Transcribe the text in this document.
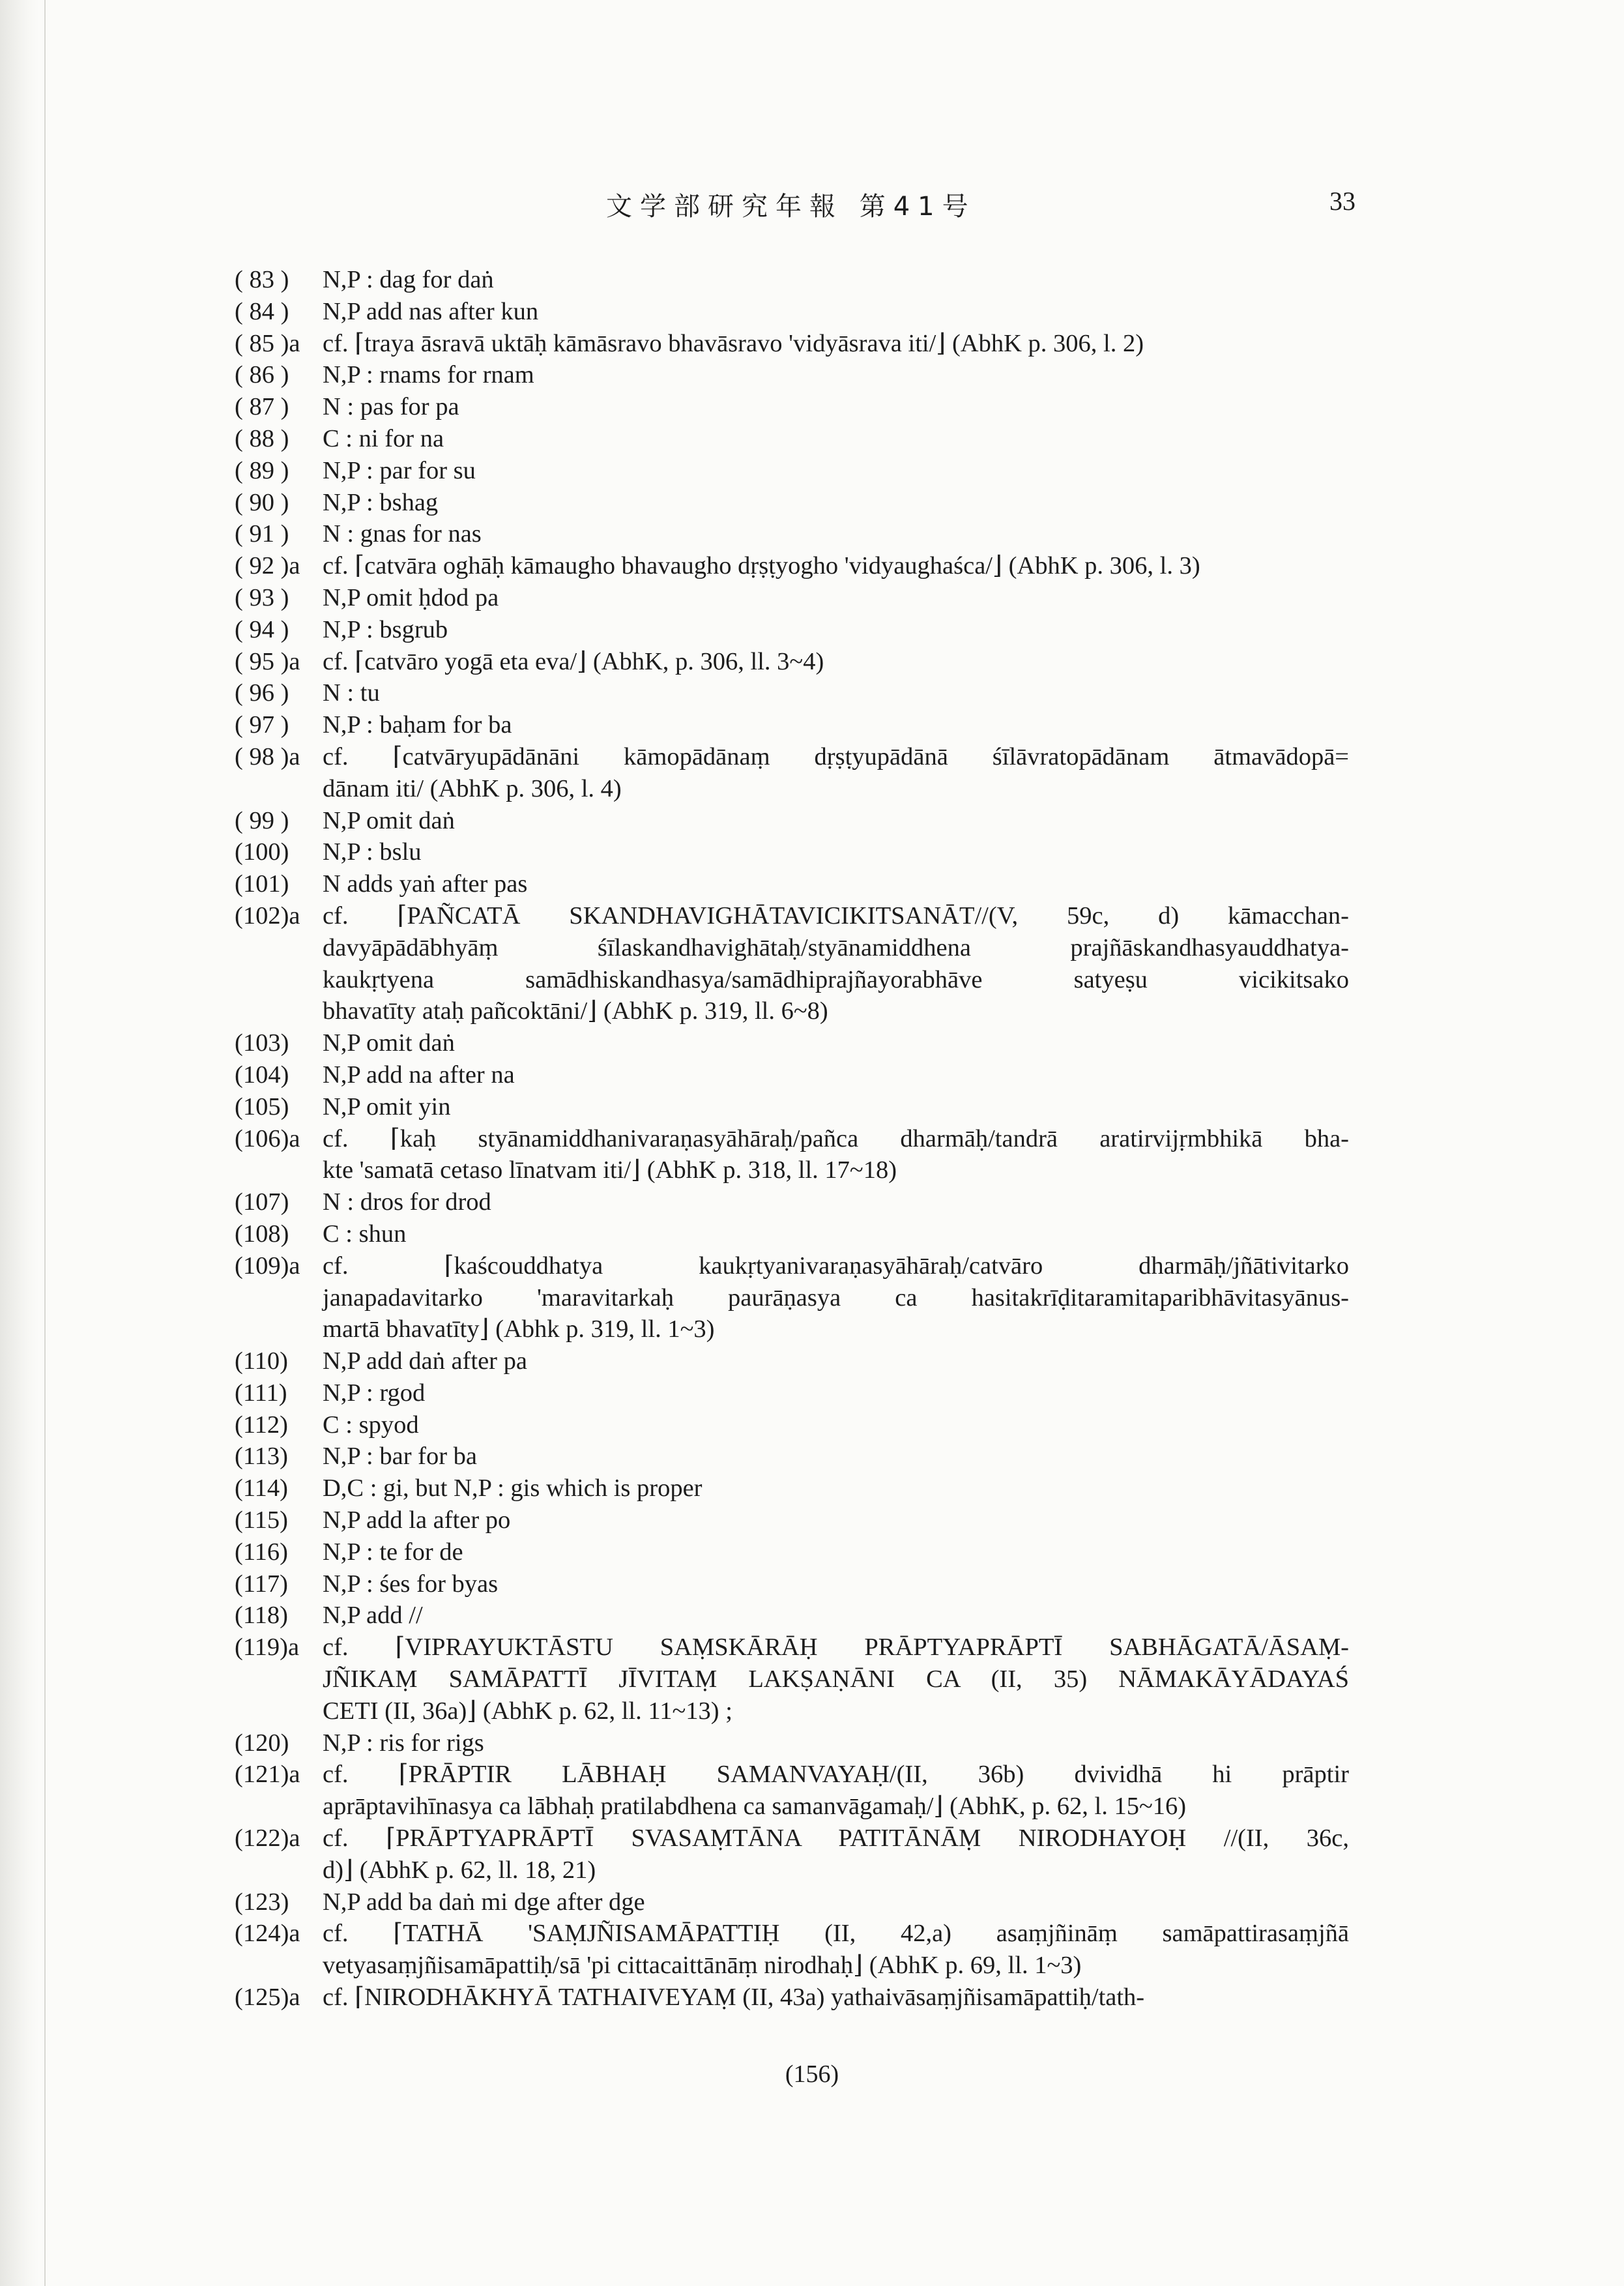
文学部研究年報 第41号	33
( 83 )	N,P : dag for daṅ
( 84 )	N,P add nas after kun
( 85 )a cf. ⌈traya āsravā uktāḥ kāmāsravo bhavāsravo 'vidyāsrava iti/⌋ (AbhK p. 306, l. 2)
( 86 )	N,P : rnams for rnam
( 87 )	N : pas for pa
( 88 )	C : ni for na
( 89 )	N,P : par for su
( 90 )	N,P : bshag
( 91 )	N : gnas for nas
( 92 )a cf. ⌈catvāra oghāḥ kāmaugho bhavaugho dṛṣṭyogho 'vidyaughaśca/⌋ (AbhK p. 306, l. 3)
( 93 )	N,P omit ḥdod pa
( 94 )	N,P : bsgrub
( 95 )a cf. ⌈catvāro yogā eta eva/⌋ (AbhK, p. 306, ll. 3~4)
( 96 )	N : tu
( 97 )	N,P : baḥam for ba
( 98 )a cf. ⌈catvāryupādānāni kāmopādānaṃ dṛṣṭyupādānā śīlāvratopādānam ātmavādopā=
dānam iti/ (AbhK p. 306, l. 4)
( 99 )	N,P omit daṅ
(100)	N,P : bslu
(101)	N adds yaṅ after pas
(102)a cf. ⌈PAÑCATĀ SKANDHAVIGHĀTAVICIKITSANĀT//(V, 59c, d) kāmacchan-
davyāpādābhyāṃ śīlaskandhavighātaḥ/styānamiddhena prajñāskandhasyauddhatya-
kaukṛtyena samādhiskandhasya/samādhiprajñayorabhāve satyeṣu vicikitsako
bhavatīty ataḥ pañcoktāni/⌋ (AbhK p. 319, ll. 6~8)
(103)	N,P omit daṅ
(104)	N,P add na after na
(105)	N,P omit yin
(106)a cf. ⌈kaḥ styānamiddhanivaraṇasyāhāraḥ/pañca dharmāḥ/tandrā aratirvijṛmbhikā bha-
kte 'samatā cetaso līnatvam iti/⌋ (AbhK p. 318, ll. 17~18)
(107)	N : dros for drod
(108)	C : shun
(109)a cf. ⌈kaścouddhatya kaukṛtyanivaraṇasyāhāraḥ/catvāro dharmāḥ/jñātivitarko
janapadavitarko 'maravitarkaḥ paurāṇasya ca hasitakrīḍitaramitaparibhāvitasyānus-
martā bhavatīty⌋ (Abhk p. 319, ll. 1~3)
(110)	N,P add daṅ after pa
(111)	N,P : rgod
(112)	C : spyod
(113)	N,P : bar for ba
(114)	D,C : gi, but N,P : gis which is proper
(115)	N,P add la after po
(116)	N,P : te for de
(117)	N,P : śes for byas
(118)	N,P add //
(119)a cf. ⌈VIPRAYUKTĀSTU SAṂSKĀRĀḤ PRĀPTYAPRĀPTĪ SABHĀGATĀ/ĀSAṂ-
JÑIKAṂ SAMĀPATTĪ JĪVITAṂ LAKṢAṆĀNI CA (II, 35) NĀMAKĀYĀDAYAŚ
CETI (II, 36a)⌋ (AbhK p. 62, ll. 11~13) ;
(120)	N,P : ris for rigs
(121)a cf. ⌈PRĀPTIR LĀBHAḤ SAMANVAYAḤ/(II, 36b) dvividhā hi prāptir
aprāptavihīnasya ca lābhaḥ pratilabdhena ca samanvāgamaḥ/⌋ (AbhK, p. 62, l. 15~16)
(122)a cf. ⌈PRĀPTYAPRĀPTĪ SVASAṂTĀNA PATITĀNĀṂ NIRODHAYOḤ //(II, 36c,
d)⌋ (AbhK p. 62, ll. 18, 21)
(123)	N,P add ba daṅ mi dge after dge
(124)a cf. ⌈TATHĀ 'SAṂJÑISAMĀPATTIḤ (II, 42,a) asaṃjñināṃ samāpattirasaṃjñā
vetyasaṃjñisamāpattiḥ/sā 'pi cittacaittānāṃ nirodhaḥ⌋ (AbhK p. 69, ll. 1~3)
(125)a cf. ⌈NIRODHĀKHYĀ TATHAIVEYAṂ (II, 43a) yathaivāsaṃjñisamāpattiḥ/tath-
(156)
